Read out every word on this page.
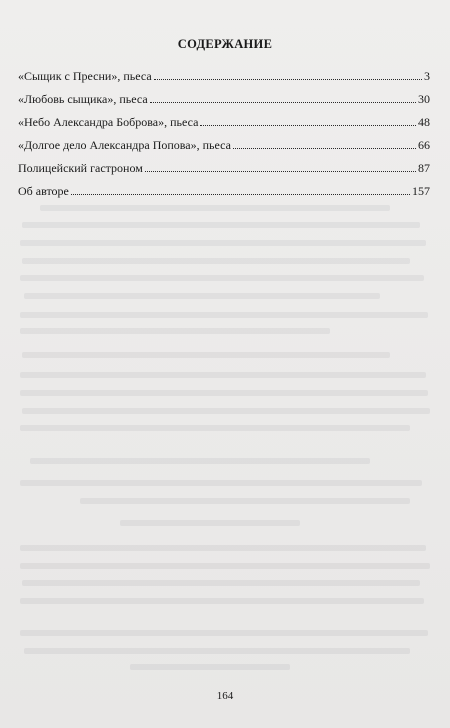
СОДЕРЖАНИЕ
«Сыщик с Пресни», пьеса	3
«Любовь сыщика», пьеса	30
«Небо Александра Боброва», пьеса	48
«Долгое дело Александра Попова», пьеса	66
Полицейский гастроном	87
Об авторе	157
164
